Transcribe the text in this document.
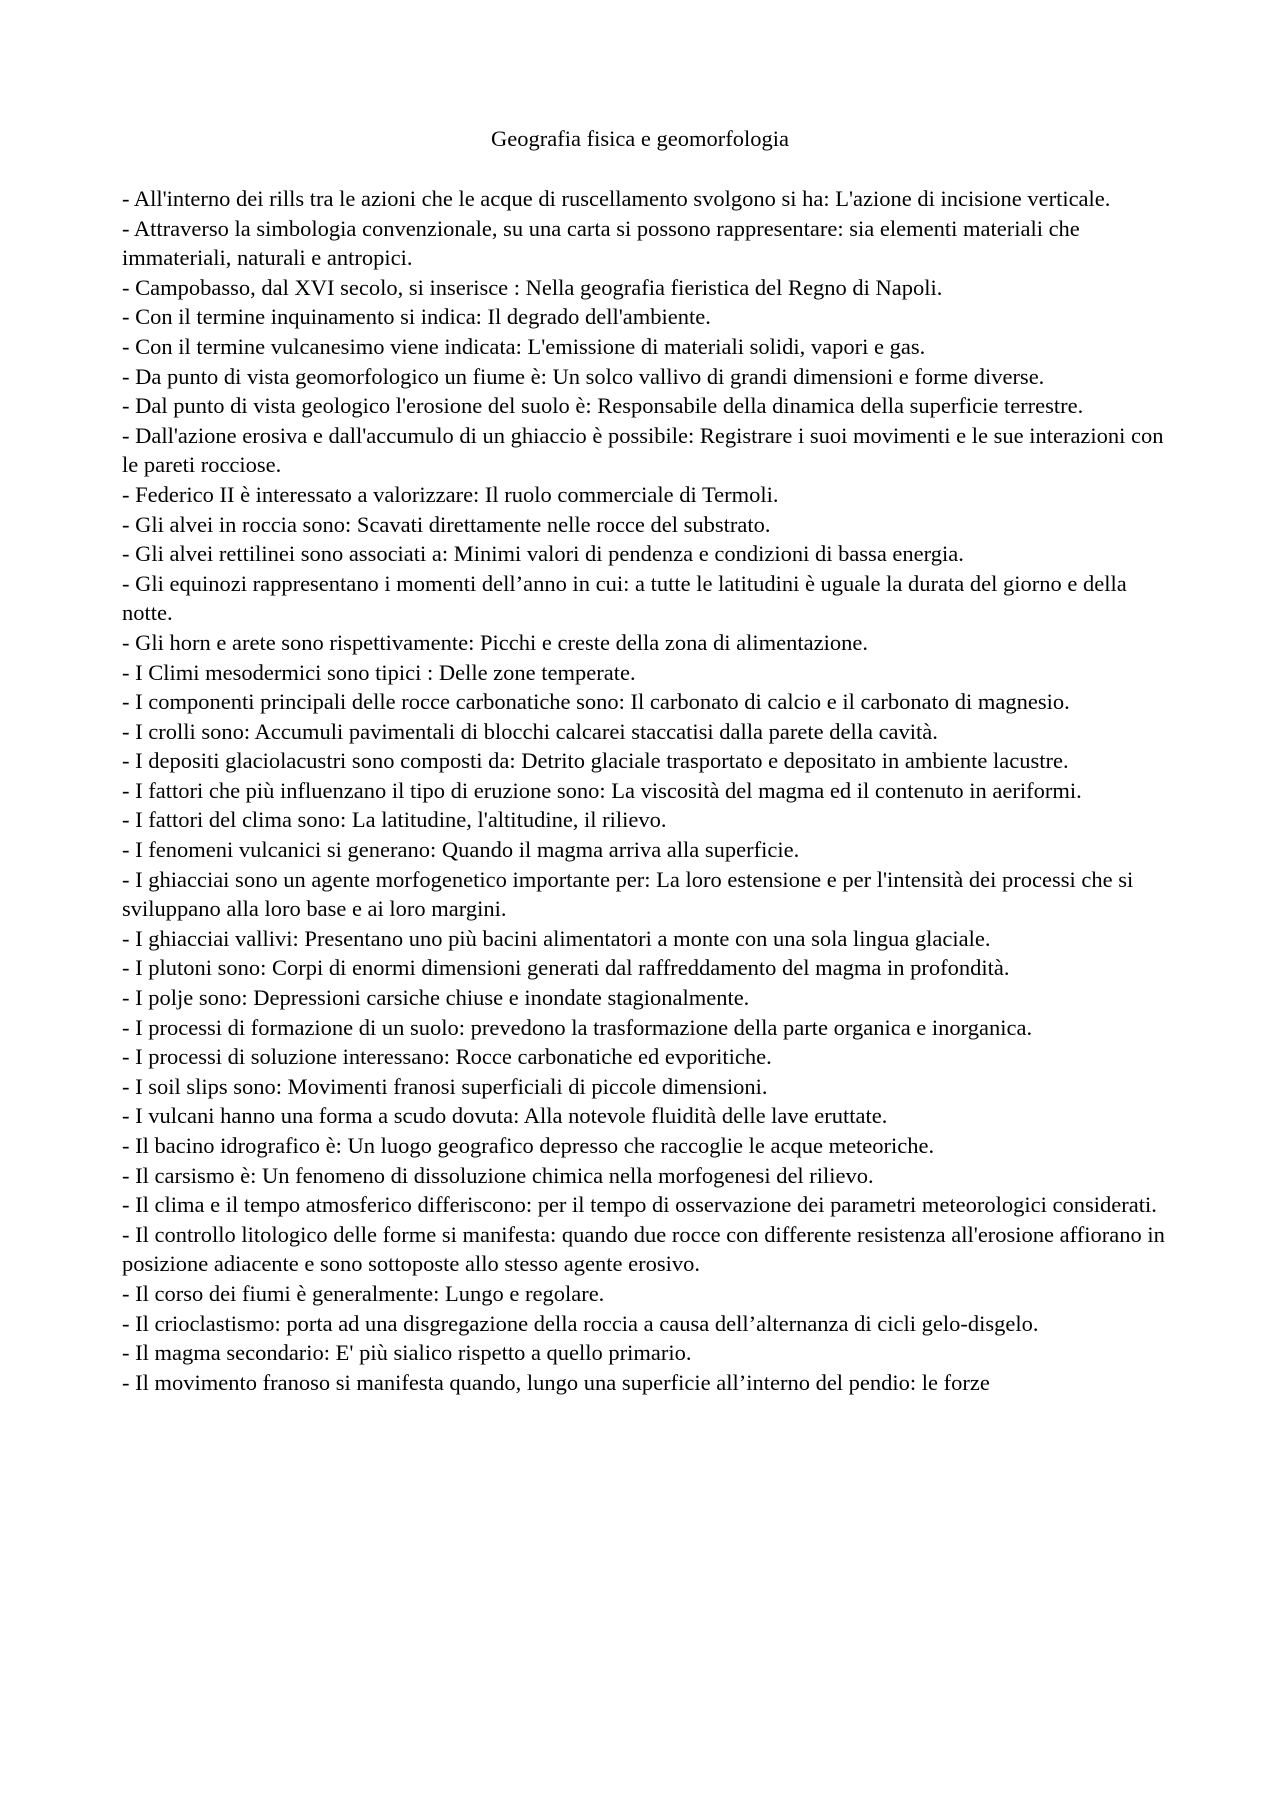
Geografia fisica e geomorfologia

- All'interno dei rills tra le azioni che le acque di ruscellamento svolgono si ha: L'azione di incisione verticale.

- Attraverso la simbologia convenzionale, su una carta si possono rappresentare: sia elementi materiali che immateriali, naturali e antropici.

- Campobasso, dal XVI secolo, si inserisce : Nella geografia fieristica del Regno di Napoli.

- Con il termine inquinamento si indica: Il degrado dell'ambiente.

- Con il termine vulcanesimo viene indicata: L'emissione di materiali solidi, vapori e gas.

- Da punto di vista geomorfologico un fiume è: Un solco vallivo di grandi dimensioni e forme diverse.

- Dal punto di vista geologico l'erosione del suolo è: Responsabile della dinamica della superficie terrestre.

- Dall'azione erosiva e dall'accumulo di un ghiaccio è possibile: Registrare i suoi movimenti e le sue interazioni con le pareti rocciose.

- Federico II è interessato a valorizzare: Il ruolo commerciale di Termoli.

- Gli alvei in roccia sono: Scavati direttamente nelle rocce del substrato.

- Gli alvei rettilinei sono associati a: Minimi valori di pendenza e condizioni di bassa energia.

- Gli equinozi rappresentano i momenti dell’anno in cui: a tutte le latitudini è uguale la durata del giorno e della notte.

- Gli horn e arete sono rispettivamente: Picchi e creste della zona di alimentazione.

- I Climi mesodermici sono tipici : Delle zone temperate.

- I componenti principali delle rocce carbonatiche sono: Il carbonato di calcio e il carbonato di magnesio.

- I crolli sono: Accumuli pavimentali di blocchi calcarei staccatisi dalla parete della cavità.

- I depositi glaciolacustri sono composti da: Detrito glaciale trasportato e depositato in ambiente lacustre.

- I fattori che più influenzano il tipo di eruzione sono: La viscosità del magma ed il contenuto in aeriformi.

- I fattori del clima sono: La latitudine, l'altitudine, il rilievo.

- I fenomeni vulcanici si generano: Quando il magma arriva alla superficie.

- I ghiacciai sono un agente morfogenetico importante per: La loro estensione e per l'intensità dei processi che si sviluppano alla loro base e ai loro margini.

- I ghiacciai vallivi: Presentano uno più bacini alimentatori a monte con una sola lingua glaciale.

- I plutoni sono: Corpi di enormi dimensioni generati dal raffreddamento del magma in profondità.

- I polje sono: Depressioni carsiche chiuse e inondate stagionalmente.

- I processi di formazione di un suolo: prevedono la trasformazione della parte organica e inorganica.

- I processi di soluzione interessano: Rocce carbonatiche ed evporitiche.

- I soil slips sono: Movimenti franosi superficiali di piccole dimensioni.

- I vulcani hanno una forma a scudo dovuta: Alla notevole fluidità delle lave eruttate.

- Il bacino idrografico è: Un luogo geografico depresso che raccoglie le acque meteoriche.

- Il carsismo è: Un fenomeno di dissoluzione chimica nella morfogenesi del rilievo.

- Il clima e il tempo atmosferico differiscono: per il tempo di osservazione dei parametri meteorologici considerati.

- Il controllo litologico delle forme si manifesta: quando due rocce con differente resistenza all'erosione affiorano in posizione adiacente e sono sottoposte allo stesso agente erosivo.

- Il corso dei fiumi è generalmente: Lungo e regolare.

- Il crioclastismo: porta ad una disgregazione della roccia a causa dell’alternanza di cicli gelo-disgelo.

- Il magma secondario: E' più sialico rispetto a quello primario.

- Il movimento franoso si manifesta quando, lungo una superficie all’interno del pendio: le forze
